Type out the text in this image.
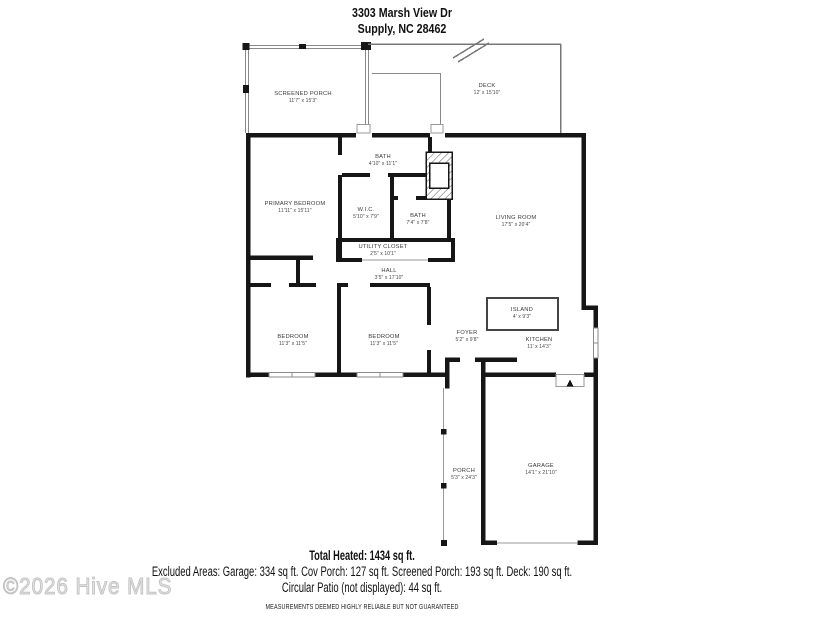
3303 Marsh View Dr
Supply, NC 28462
SCREENED PORCH
11'7" x 15'3"
DECK
12' x 15'10"
PRIMARY BEDROOM
11'11" x 15'11"
BATH
4'10" x 11'1"
W.I.C.
5'10" x 7'9"	BATH
7'4" x 7'8"
LIVING ROOM
17'5" x 20'4"
UTILITY CLOSET
2'5" x 10'1"
HALL
3'5" x 17'10"
BEDROOM
11'3" x 11'5"
BEDROOM
11'3" x 11'5"
FOYER
5'2" x 9'8"
ISLAND
4' x 9'3"
KITCHEN
11' x 14'3"
PORCH
5'3" x 24'3"
GARAGE
14'1" x 21'10"
Total Heated: 1434 sq ft.
Excluded Areas: Garage: 334 sq ft. Cov Porch: 127 sq ft. Screened Porch: 193 sq ft. Deck: 190 sq ft.
Circular Patio (not displayed): 44 sq ft.
MEASUREMENTS DEEMED HIGHLY RELIABLE BUT NOT GUARANTEED
©2026 Hive MLS
